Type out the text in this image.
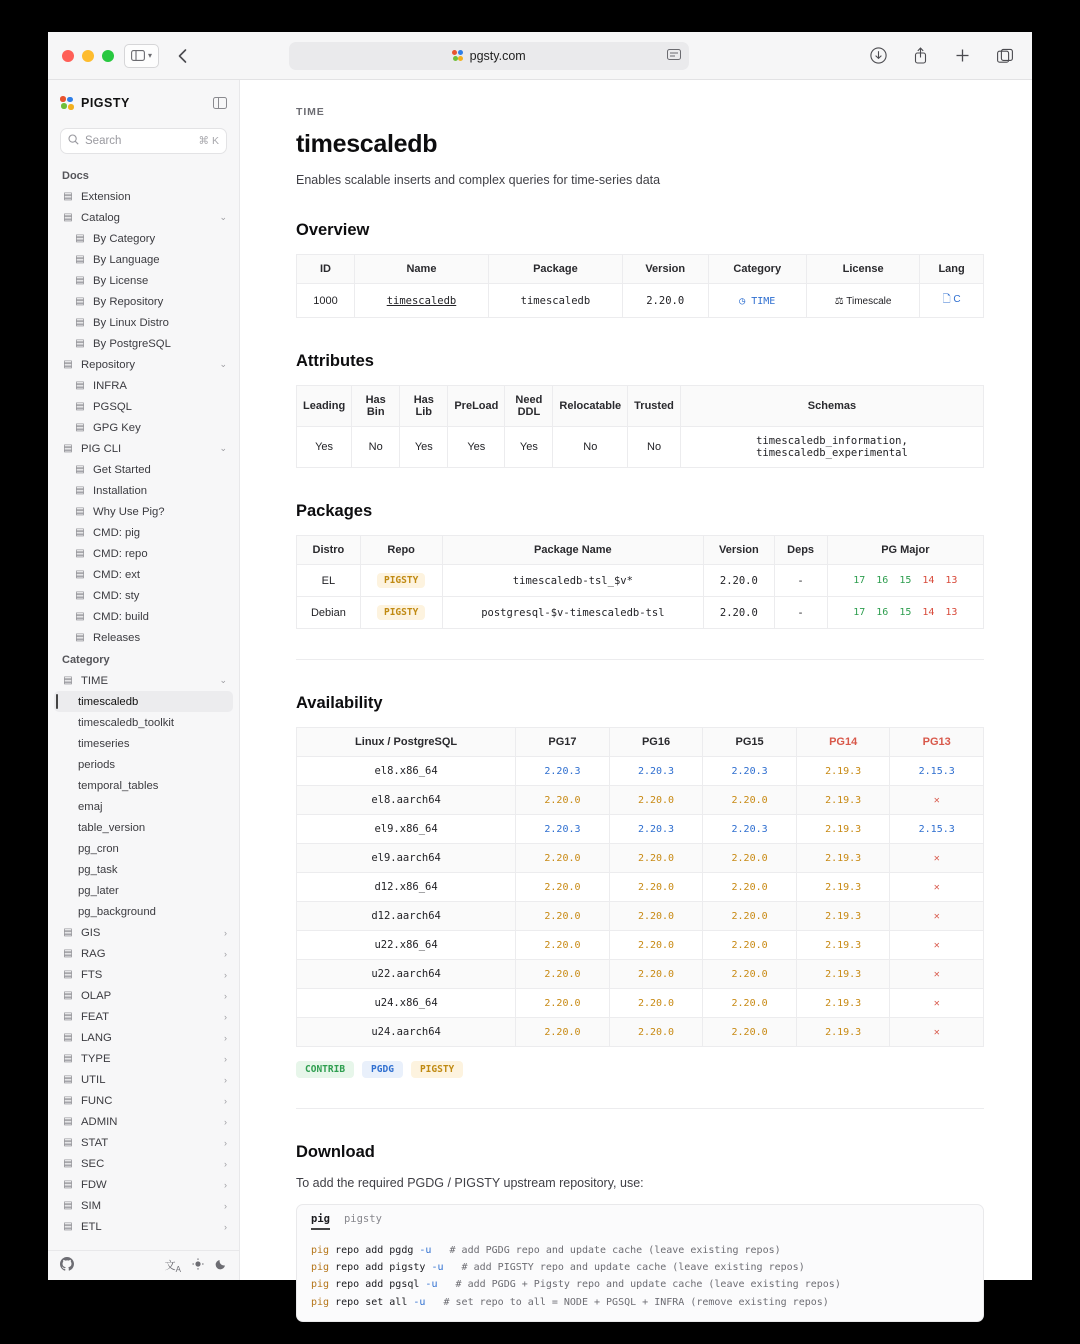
▾	pgsty.com
PIGSTY
Search	⌘ K
Docs
▤ Extension
▤ Catalog	⌄
▤ By Category
▤ By Language
▤ By License
▤ By Repository
▤ By Linux Distro
▤ By PostgreSQL
▤ Repository	⌄
▤ INFRA
▤ PGSQL
▤ GPG Key
▤ PIG CLI	⌄
▤ Get Started
▤ Installation
▤ Why Use Pig?
▤ CMD: pig
▤ CMD: repo
▤ CMD: ext
▤ CMD: sty
▤ CMD: build
▤ Releases
Category
▤ TIME	⌄
timescaledb
timescaledb_toolkit
timeseries
periods
temporal_tables
emaj
table_version
pg_cron
pg_task
pg_later
pg_background
▤ GIS	›
▤ RAG	›
▤ FTS	›
▤ OLAP	›
▤ FEAT	›
▤ LANG	›
▤ TYPE	›
▤ UTIL	›
▤ FUNC	›
▤ ADMIN	›
▤ STAT	›
▤ SEC	›
▤ FDW	›
▤ SIM	›
▤ ETL	›
文$_A$
TIME
timescaledb
Enables scalable inserts and complex queries for time-series data
Overview
ID	Name	Package	Version	Category	License	Lang
1000	timescaledb	timescaledb	2.20.0	◷ TIME	⚖ Timescale	🗋 C
Attributes
Leading	Has Bin	Has Lib	PreLoad	Need DDL	Relocatable	Trusted	Schemas
Yes	No	Yes	Yes	Yes	No	No	timescaledb_information, timescaledb_experimental
Packages
Distro	Repo	Package Name	Version	Deps	PG Major
EL	PIGSTY	timescaledb-tsl_$v*	2.20.0	-	17 16 15 14 13

Debian	PIGSTY	postgresql-$v-timescaledb-tsl	2.20.0	-	17 16 15 14 13
Availability
Linux / PostgreSQL	PG17	PG16	PG15	PG14	PG13
el8.x86_64	2.20.3	2.20.3	2.20.3	2.19.3	2.15.3
el8.aarch64	2.20.0	2.20.0	2.20.0	2.19.3	✕
el9.x86_64	2.20.3	2.20.3	2.20.3	2.19.3	2.15.3
el9.aarch64	2.20.0	2.20.0	2.20.0	2.19.3	✕
d12.x86_64	2.20.0	2.20.0	2.20.0	2.19.3	✕
d12.aarch64	2.20.0	2.20.0	2.20.0	2.19.3	✕
u22.x86_64	2.20.0	2.20.0	2.20.0	2.19.3	✕
u22.aarch64	2.20.0	2.20.0	2.20.0	2.19.3	✕
u24.x86_64	2.20.0	2.20.0	2.20.0	2.19.3	✕
u24.aarch64	2.20.0	2.20.0	2.20.0	2.19.3	✕
CONTRIB	PGDG	PIGSTY
Download
To add the required PGDG / PIGSTY upstream repository, use:
pig pigsty
pig repo add pgdg -u # add PGDG repo and update cache (leave existing repos)
pig repo add pigsty -u # add PIGSTY repo and update cache (leave existing repos)
pig repo add pgsql -u # add PGDG + Pigsty repo and update cache (leave existing repos)
pig repo set all -u # set repo to all = NODE + PGSQL + INFRA (remove existing repos)
